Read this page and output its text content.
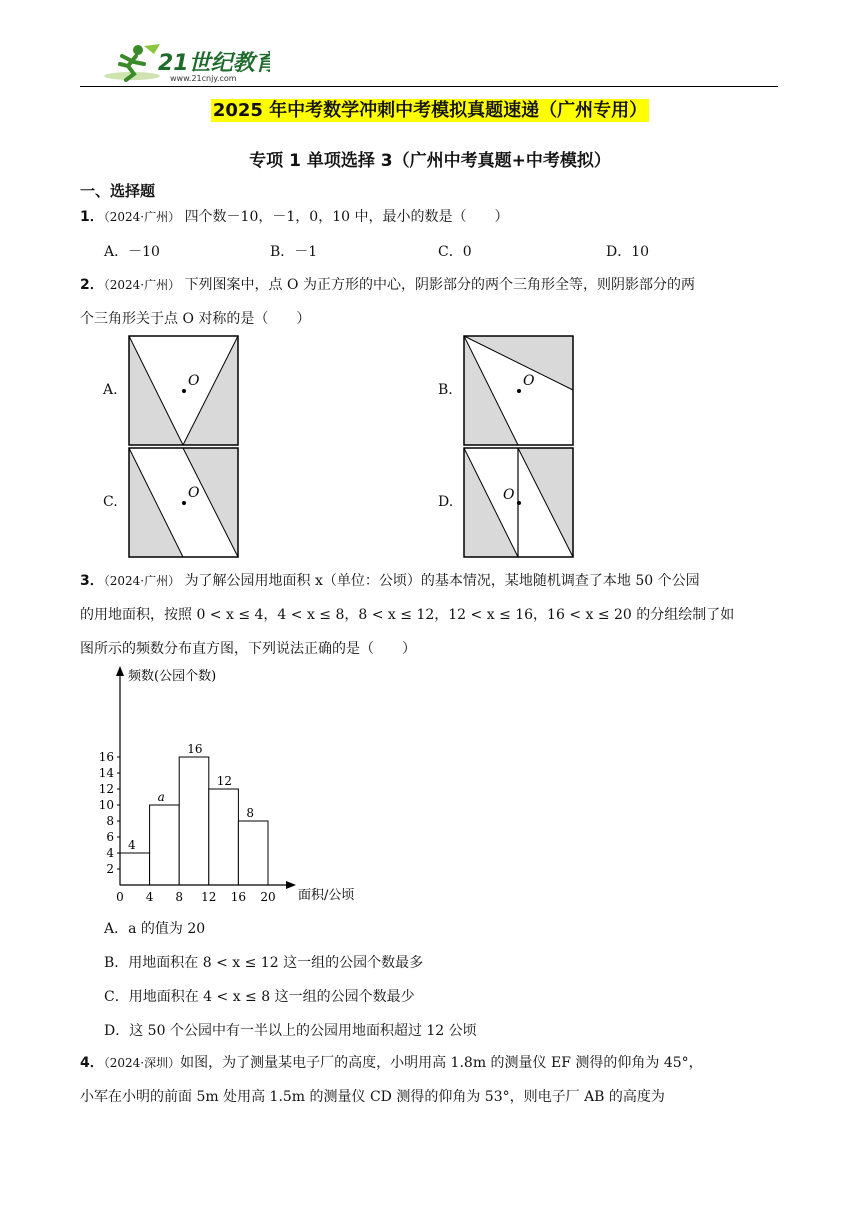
21世纪教育
www.21cnjy.com
2025 年中考数学冲刺中考模拟真题速递（广州专用）
专项 1 单项选择 3（广州中考真题+中考模拟）
一、选择题
1．（2024·广州） 四个数－10，－1，0，10 中，最小的数是（　　）
A．－10	B．－1	C．0	D．10
2．（2024·广州） 下列图案中，点 O 为正方形的中心，阴影部分的两个三角形全等，则阴影部分的两
个三角形关于点 O 对称的是（　　）
A.	B.
C.	D.
O	O
O	O
3．（2024·广州） 为了解公园用地面积 x（单位：公顷）的基本情况，某地随机调查了本地 50 个公园
的用地面积，按照 0 < x ≤ 4，4 < x ≤ 8，8 < x ≤ 12，12 < x ≤ 16，16 < x ≤ 20 的分组绘制了如
图所示的频数分布直方图，下列说法正确的是（　　）
4
a
16
12
8
2
4
6
8
10
12
14
16
0 4 8 12 16 20
频数(公园个数)
面积/公顷
A．a 的值为 20
B．用地面积在 8 < x ≤ 12 这一组的公园个数最多
C．用地面积在 4 < x ≤ 8 这一组的公园个数最少
D．这 50 个公园中有一半以上的公园用地面积超过 12 公顷
4．（2024·深圳）如图，为了测量某电子厂的高度，小明用高 1.8m 的测量仪 EF 测得的仰角为 45°，
小军在小明的前面 5m 处用高 1.5m 的测量仪 CD 测得的仰角为 53°，则电子厂 AB 的高度为
